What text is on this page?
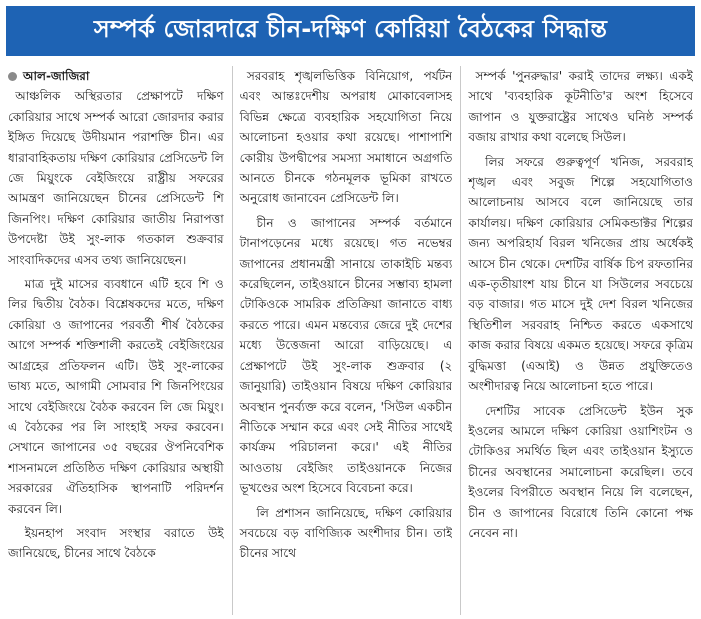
সম্পর্ক জোরদারে চীন-দক্ষিণ কোরিয়া বৈঠকের সিদ্ধান্ত
আল-জাজিরা

আঞ্চলিক অস্থিরতার প্রেক্ষাপটে দক্ষিণ কোরিয়ার সাথে সম্পর্ক আরো জোরদার করার ইঙ্গিত দিয়েছে উদীয়মান পরাশক্তি চীন। এর ধারাবাহিকতায় দক্ষিণ কোরিয়ার প্রেসিডেন্ট লি জে মিয়ুংকে বেইজিংয়ে রাষ্ট্রীয় সফরের আমন্ত্রণ জানিয়েছেন চীনের প্রেসিডেন্ট শি জিনপিং। দক্ষিণ কোরিয়ার জাতীয় নিরাপত্তা উপদেষ্টা উই সুং-লাক গতকাল শুক্রবার সাংবাদিকদের এসব তথ্য জানিয়েছেন।

মাত্র দুই মাসের ব্যবধানে এটি হবে শি ও লির দ্বিতীয় বৈঠক। বিশ্লেষকদের মতে, দক্ষিণ কোরিয়া ও জাপানের পরবর্তী শীর্ষ বৈঠকের আগে সম্পর্ক শক্তিশালী করতেই বেইজিংয়ের আগ্রহের প্রতিফলন এটি। উই সুং-লাকের ভাষ্য মতে, আগামী সোমবার শি জিনপিংয়ের সাথে বেইজিংয়ে বৈঠক করবেন লি জে মিয়ুং। এ বৈঠকের পর লি সাংহাই সফর করবেন। সেখানে জাপানের ৩৫ বছরের ঔপনিবেশিক শাসনামলে প্রতিষ্ঠিত দক্ষিণ কোরিয়ার অস্থায়ী সরকারের ঐতিহাসিক স্থাপনাটি পরিদর্শন করবেন লি।

ইয়নহাপ সংবাদ সংস্থার বরাতে উই জানিয়েছে, চীনের সাথে বৈঠকে

সরবরাহ শৃঙ্খলভিত্তিক বিনিয়োগ, পর্যটন এবং আন্তঃদেশীয় অপরাধ মোকাবেলাসহ বিভিন্ন ক্ষেত্রে ব্যবহারিক সহযোগিতা নিয়ে আলোচনা হওয়ার কথা রয়েছে। পাশাপাশি কোরীয় উপদ্বীপের সমস্যা সমাধানে অগ্রগতি আনতে চীনকে গঠনমূলক ভূমিকা রাখতে অনুরোধ জানাবেন প্রেসিডেন্ট লি।

চীন ও জাপানের সম্পর্ক বর্তমানে টানাপড়েনের মধ্যে রয়েছে। গত নভেম্বর জাপানের প্রধানমন্ত্রী সানায়ে তাকাইচি মন্তব্য করেছিলেন, তাইওয়ানে চীনের সম্ভাব্য হামলা টোকিওকে সামরিক প্রতিক্রিয়া জানাতে বাধ্য করতে পারে। এমন মন্তব্যের জেরে দুই দেশের মধ্যে উত্তেজনা আরো বাড়িয়েছে। এ প্রেক্ষাপটে উই সুং-লাক শুক্রবার (২ জানুয়ারি) তাইওয়ান বিষয়ে দক্ষিণ কোরিয়ার অবস্থান পুনর্ব্যক্ত করে বলেন, 'সিউল একচীন নীতিকে সম্মান করে এবং সেই নীতির সাথেই কার্যক্রম পরিচালনা করে।' এই নীতির আওতায় বেইজিং তাইওয়ানকে নিজের ভূখণ্ডের অংশ হিসেবে বিবেচনা করে।

লি প্রশাসন জানিয়েছে, দক্ষিণ কোরিয়ার সবচেয়ে বড় বাণিজ্যিক অংশীদার চীন। তাই চীনের সাথে

সম্পর্ক 'পুনরুদ্ধার' করাই তাদের লক্ষ্য। একই সাথে 'ব্যবহারিক কূটনীতি'র অংশ হিসেবে জাপান ও যুক্তরাষ্ট্রের সাথেও ঘনিষ্ঠ সম্পর্ক বজায় রাখার কথা বলেছে সিউল।

লির সফরে গুরুত্বপূর্ণ খনিজ, সরবরাহ শৃঙ্খল এবং সবুজ শিল্পে সহযোগিতাও আলোচনায় আসবে বলে জানিয়েছে তার কার্যালয়। দক্ষিণ কোরিয়ার সেমিকন্ডাক্টর শিল্পের জন্য অপরিহার্য বিরল খনিজের প্রায় অর্ধেকই আসে চীন থেকে। দেশটির বার্ষিক চিপ রফতানির এক-তৃতীয়াংশ যায় চীনে যা সিউলের সবচেয়ে বড় বাজার। গত মাসে দুই দেশ বিরল খনিজের স্থিতিশীল সরবরাহ নিশ্চিত করতে একসাথে কাজ করার বিষয়ে একমত হয়েছে। সফরে কৃত্রিম বুদ্ধিমত্তা (এআই) ও উন্নত প্রযুক্তিতেও অংশীদারত্ব নিয়ে আলোচনা হতে পারে।

দেশটির সাবেক প্রেসিডেন্ট ইউন সুক ইওলের আমলে দক্ষিণ কোরিয়া ওয়াশিংটন ও টোকিওর সমর্থিত ছিল এবং তাইওয়ান ইস্যুতে চীনের অবস্থানের সমালোচনা করেছিল। তবে ইওলের বিপরীতে অবস্থান নিয়ে লি বলেছেন, চীন ও জাপানের বিরোধে তিনি কোনো পক্ষ নেবেন না।
